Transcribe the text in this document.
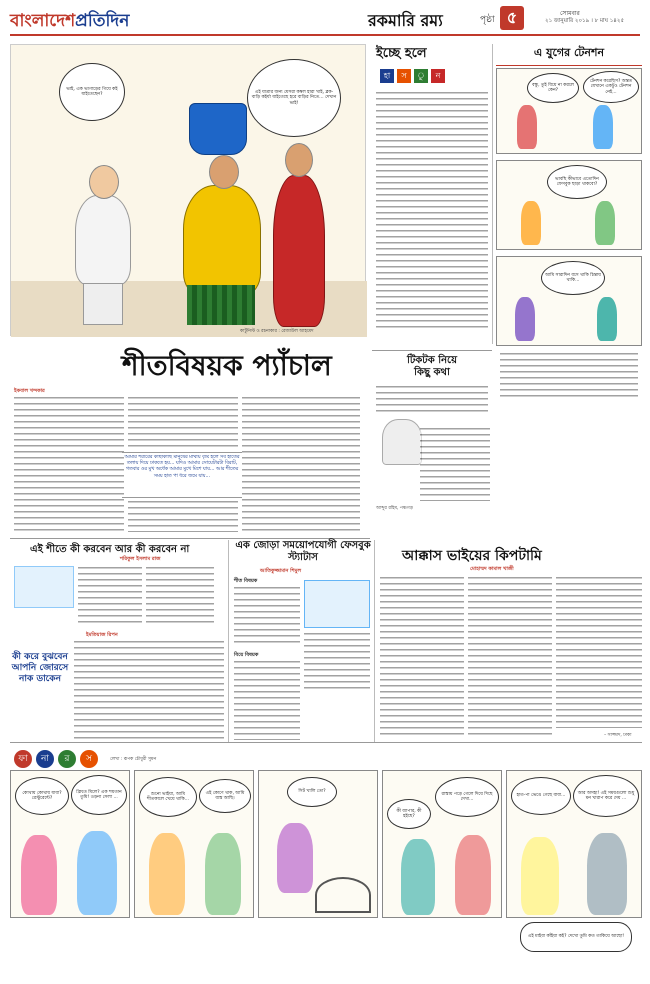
বাংলাদেশপ্রতিদিন	রকমারি রম্য	পৃষ্ঠা ৫	সোমবার
২১ জানুয়ারি ২০১৯ । ৮ মাঘ ১৪২৫
ভাই, এক ভাগাড়ের গিয়ে কই যাইতেছেন?	এই যাত্রার জন্য যেসরা কম্বল হারা খাই, ব্লক-বাড়ি কইর্যা যাইতেছে হরে বাড়ির নিতে… দেখান ভাই!
কার্টুনিস্ট ও রচনাকার : রেজাউল আহমেদ
শীতবিষয়ক প্যাঁচাল
ইকবাল খন্দকার
আমার শরীরের কাছাকাছি মানুষের মাথায় বৃষ্টি হলে সব হাতের তলায় দিয়ে ঢাকতে হয়... যদিও আমার সোয়েটারটা বিরাট, গতবার ওর মুখ অর্ধেক আমার মুখে মিশে যায়... আর শীতের সময় হাত পা ধরে জমে যায়...
ইচ্ছে হলে
হা	স	ু	ন
এ যুগের টেনশন
বন্ধু, তুই বিয়ে না করলে কেন?
টেনশন করেছিস? অন্তত যেখানে একটুও টেনশন নেই...
ভাবছি কীভাবে এতোদিন ফেসবুক ছাড়া থাকবো?
আমি সারাদিন বসে থাকি চিন্তায় থাকি...
টিকটক নিয়ে
কিছু কথা
আব্দুর রহিম, পঞ্চগড়
এই শীতে কী করবেন আর কী করবেন না
শরিফুল ইসলাম রাজ
ইমতিয়াজ রিপন
কী করে বুঝবেন আপনি জোরসে নাক ডাকেন
এক জোড়া সময়োপযোগী ফেসবুক স্ট্যাটাস
আতিকুজ্জামান শিমুল
শীত বিষয়ক
বিয়ে বিষয়ক
আক্কাস ভাইয়ের কিপটামি
মোহাম্মদ কামাল খাজী
– সাজ্জাদ, ঢাকা
ফা	না	র	স	লেখা : রূপক চৌধুরী সুমন
কোথায় কোথায় যাবা? রেস্টুরেন্টে?
ফ্রিতে মিলে? এক শয়তান তুমি! ওড়না সেলা ...
শুনো ভাইয়া, আমি শীতকালে খেয়ে থাকি...
এই কোণে থাক, আমি ব্যস্ত আছি।
সিট খালি তো?	রাস্তায় পড়ে গেলে দিয়ে দিছে দেখা...
কী ব্যাপার, কী হইছে?
হাত-পা ভেঙে গেছে বাবা...
আর অসহ্য! এই সময়গুলো শুধু মন খারাপ করে দেয় ...
এই মাইবা কাঁইয়া কই? দেখো তুমি কত তাকিয়ে আছো!
